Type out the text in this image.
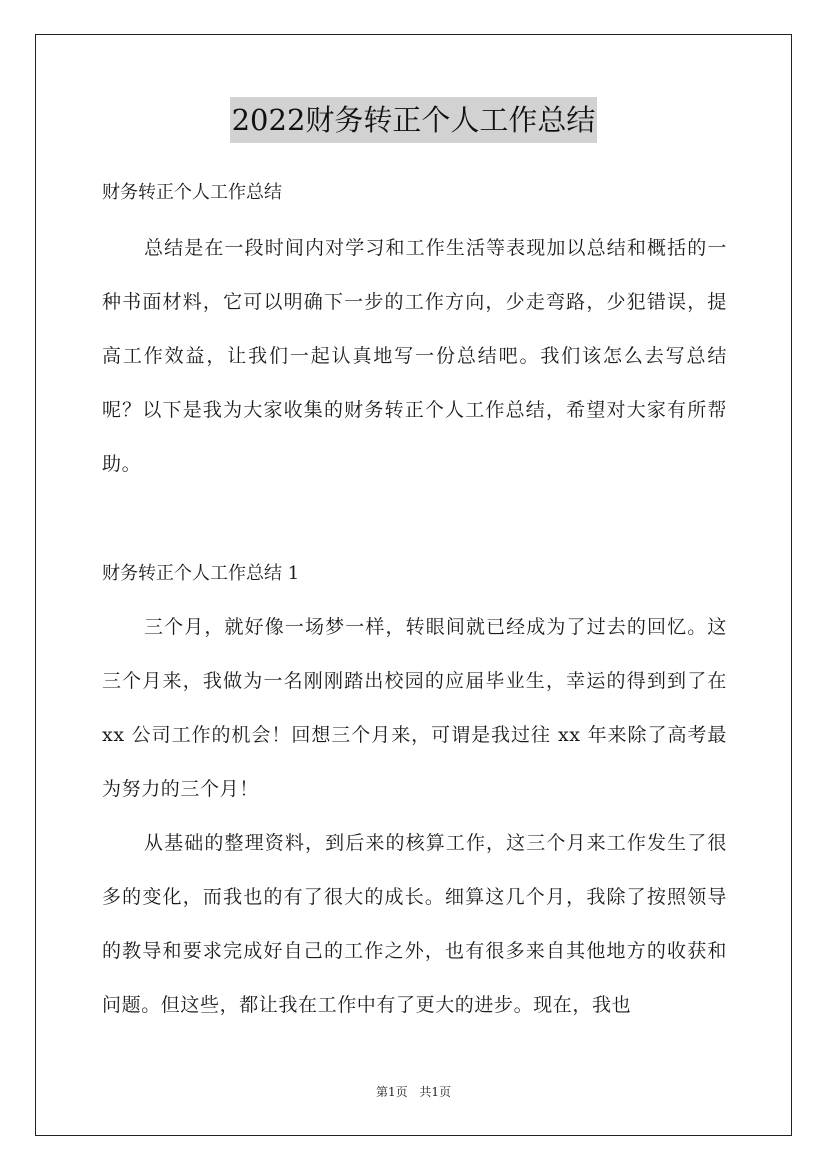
2022财务转正个人工作总结
财务转正个人工作总结
总结是在一段时间内对学习和工作生活等表现加以总结和概括的一种书面材料，它可以明确下一步的工作方向，少走弯路，少犯错误，提高工作效益，让我们一起认真地写一份总结吧。我们该怎么去写总结呢？以下是我为大家收集的财务转正个人工作总结，希望对大家有所帮助。
财务转正个人工作总结 1
三个月，就好像一场梦一样，转眼间就已经成为了过去的回忆。这三个月来，我做为一名刚刚踏出校园的应届毕业生，幸运的得到到了在 xx 公司工作的机会！回想三个月来，可谓是我过往 xx 年来除了高考最为努力的三个月！
从基础的整理资料，到后来的核算工作，这三个月来工作发生了很多的变化，而我也的有了很大的成长。细算这几个月，我除了按照领导的教导和要求完成好自己的工作之外，也有很多来自其他地方的收获和问题。但这些，都让我在工作中有了更大的进步。现在，我也
第1页 共1页
